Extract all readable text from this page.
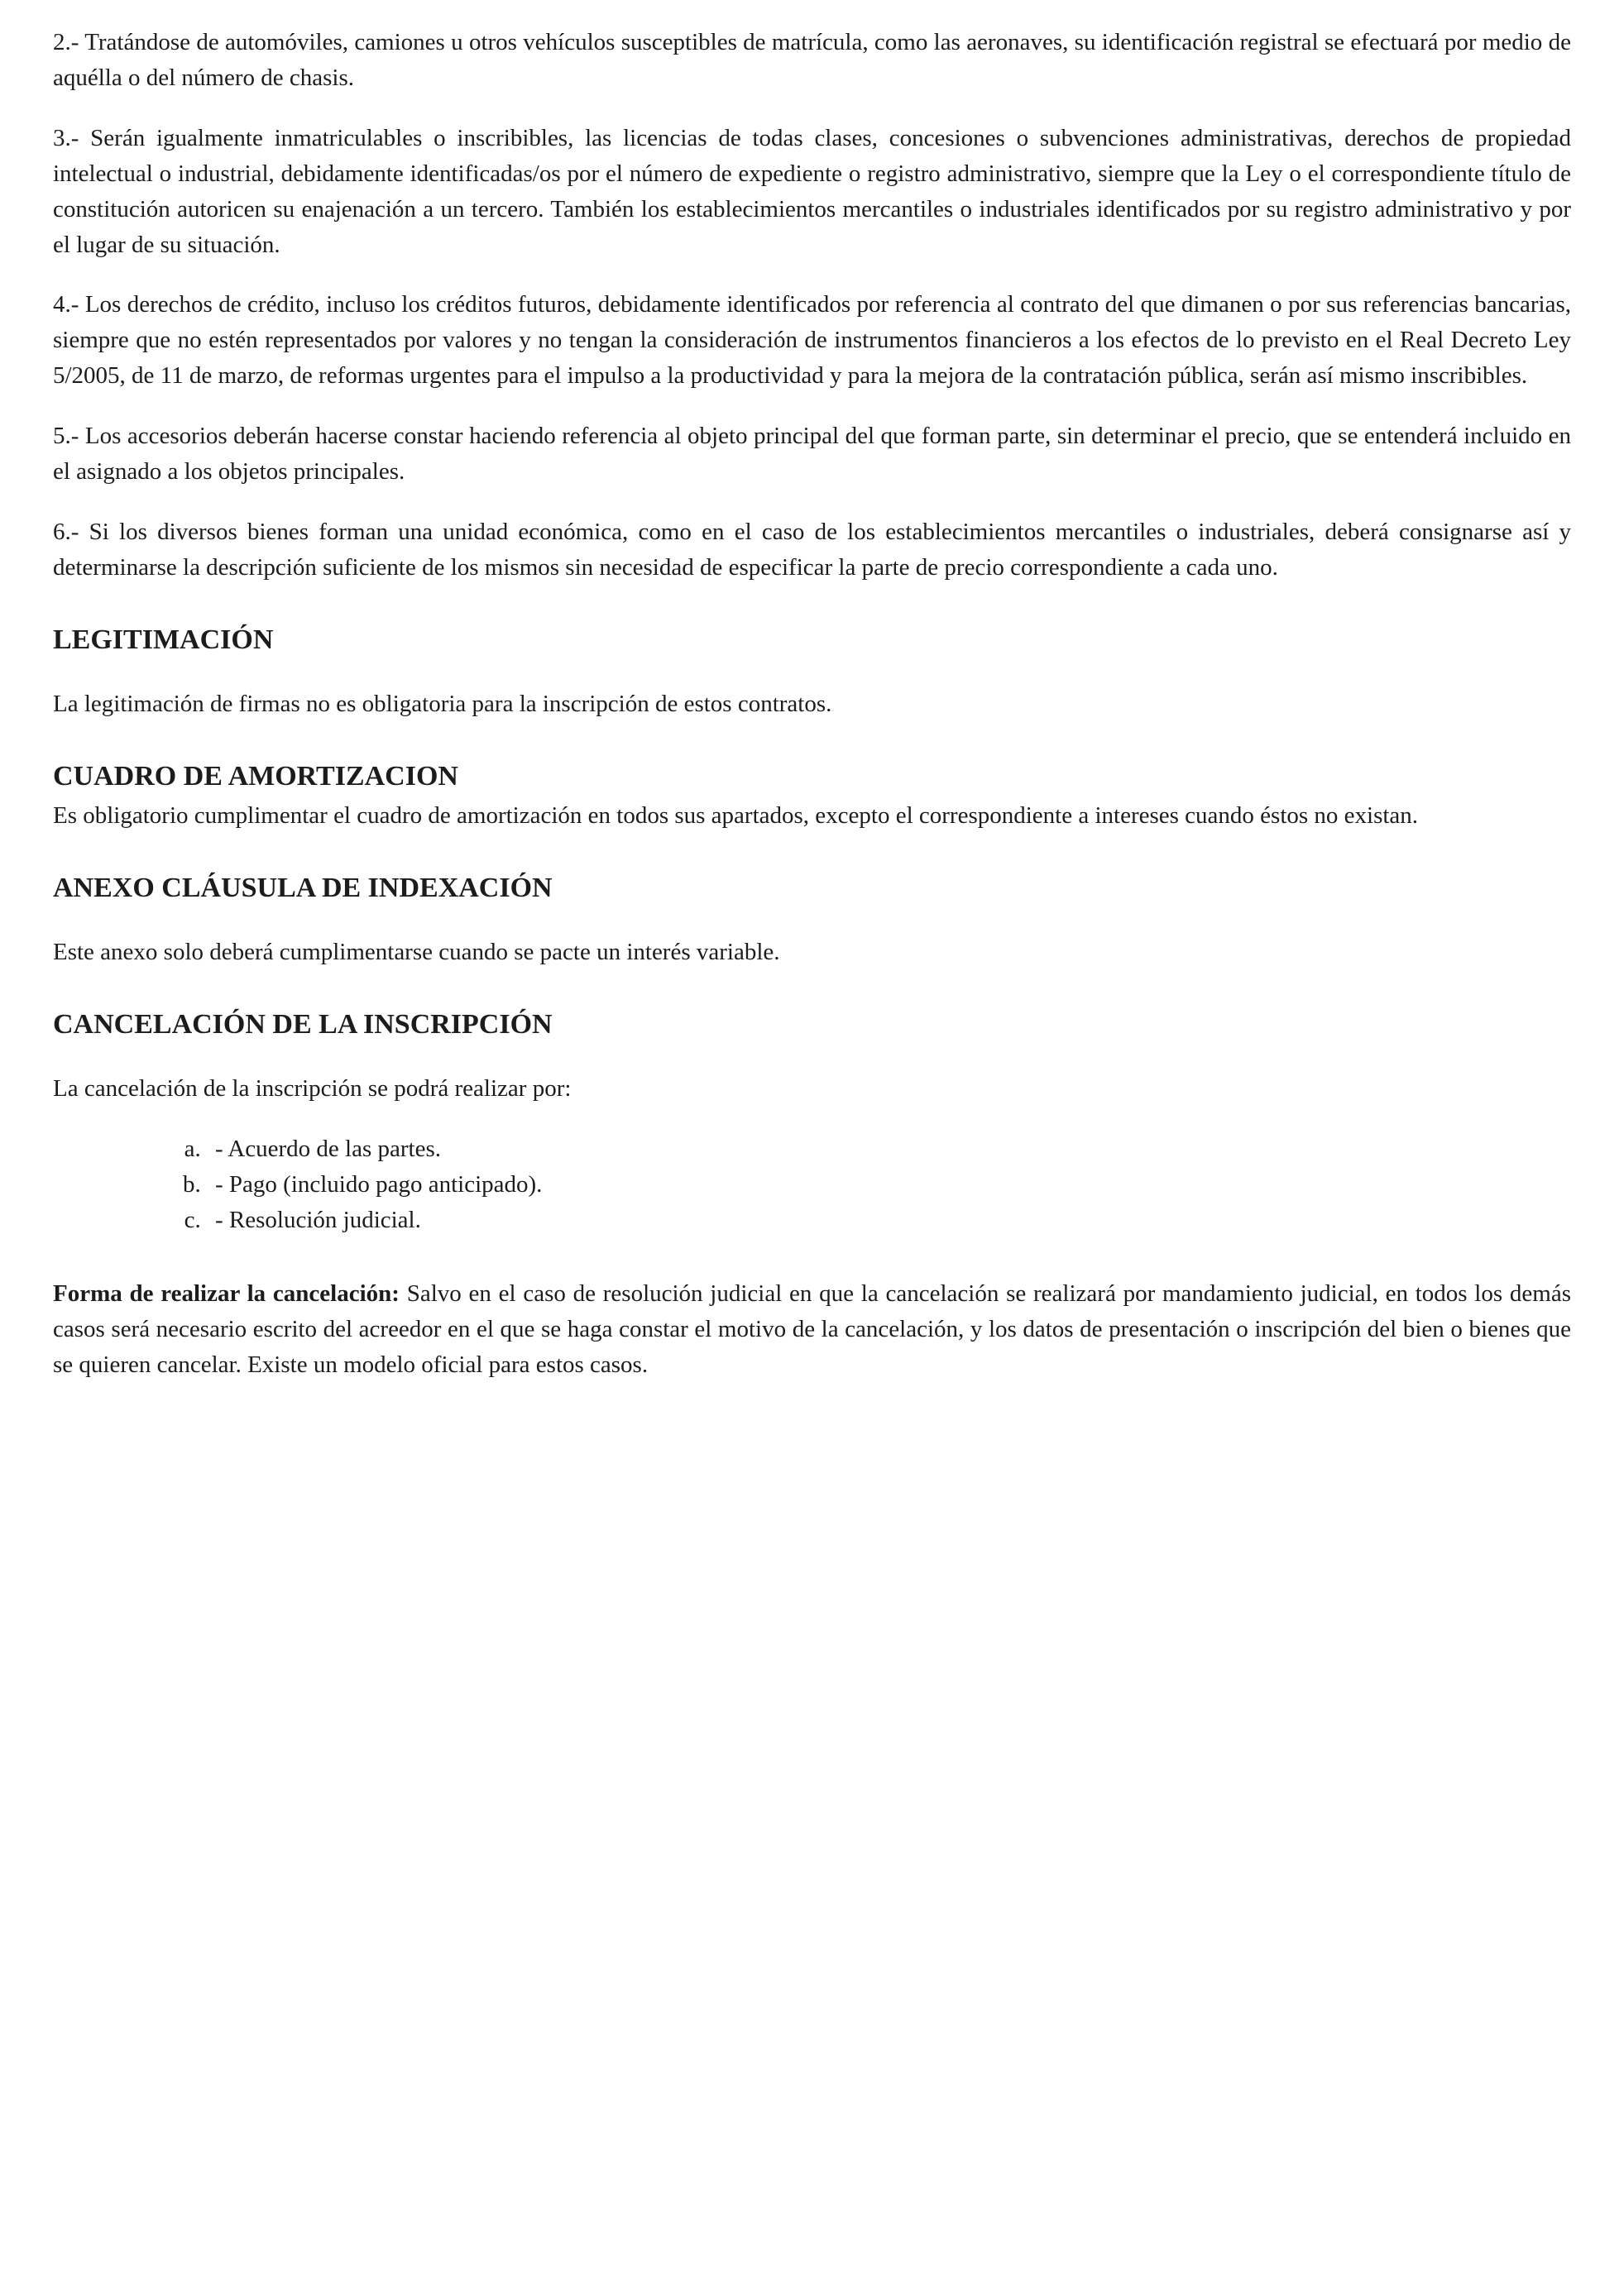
2.- Tratándose de automóviles, camiones u otros vehículos susceptibles de matrícula, como las aeronaves, su identificación registral se efectuará por medio de aquélla o del número de chasis.

3.- Serán igualmente inmatriculables o inscribibles, las licencias de todas clases, concesiones o subvenciones administrativas, derechos de propiedad intelectual o industrial, debidamente identificadas/os por el número de expediente o registro administrativo, siempre que la Ley o el correspondiente título de constitución autoricen su enajenación a un tercero. También los establecimientos mercantiles o industriales identificados por su registro administrativo y por el lugar de su situación.

4.- Los derechos de crédito, incluso los créditos futuros, debidamente identificados por referencia al contrato del que dimanen o por sus referencias bancarias, siempre que no estén representados por valores y no tengan la consideración de instrumentos financieros a los efectos de lo previsto en el Real Decreto Ley 5/2005, de 11 de marzo, de reformas urgentes para el impulso a la productividad y para la mejora de la contratación pública, serán así mismo inscribibles.

5.- Los accesorios deberán hacerse constar haciendo referencia al objeto principal del que forman parte, sin determinar el precio, que se entenderá incluido en el asignado a los objetos principales.

6.- Si los diversos bienes forman una unidad económica, como en el caso de los establecimientos mercantiles o industriales, deberá consignarse así y determinarse la descripción suficiente de los mismos sin necesidad de especificar la parte de precio correspondiente a cada uno.

LEGITIMACIÓN

La legitimación de firmas no es obligatoria para la inscripción de estos contratos.

CUADRO DE AMORTIZACION

Es obligatorio cumplimentar el cuadro de amortización en todos sus apartados, excepto el correspondiente a intereses cuando éstos no existan.

ANEXO CLÁUSULA DE INDEXACIÓN

Este anexo solo deberá cumplimentarse cuando se pacte un interés variable.

CANCELACIÓN DE LA INSCRIPCIÓN

La cancelación de la inscripción se podrá realizar por:

a. - Acuerdo de las partes.
b. - Pago (incluido pago anticipado).
c. - Resolución judicial.

Forma de realizar la cancelación: Salvo en el caso de resolución judicial en que la cancelación se realizará por mandamiento judicial, en todos los demás casos será necesario escrito del acreedor en el que se haga constar el motivo de la cancelación, y los datos de presentación o inscripción del bien o bienes que se quieren cancelar. Existe un modelo oficial para estos casos.
